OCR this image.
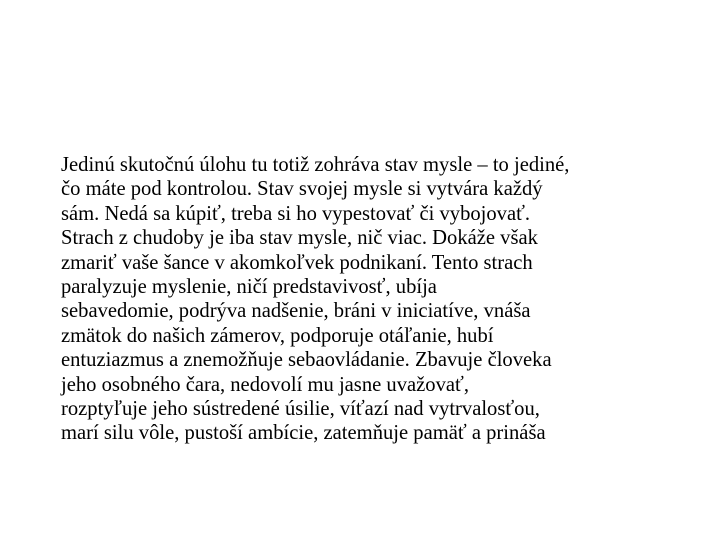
Jedinú skutočnú úlohu tu totiž zohráva stav mysle – to jediné,
čo máte pod kontrolou. Stav svojej mysle si vytvára každý
sám. Nedá sa kúpiť, treba si ho vypestovať či vybojovať.

Strach z chudoby je iba stav mysle, nič viac. Dokáže však
zmariť vaše šance v akomkoľvek podnikaní. Tento strach
paralyzuje myslenie, ničí predstavivosť, ubíja
sebavedomie, podrýva nadšenie, bráni v iniciatíve, vnáša
zmätok do našich zámerov, podporuje otáľanie, hubí
entuziazmus a znemožňuje sebaovládanie. Zbavuje človeka
jeho osobného čara, nedovolí mu jasne uvažovať,
rozptyľuje jeho sústredené úsilie, víťazí nad vytrvalosťou,
marí silu vôle, pustoší ambície, zatemňuje pamäť a prináša
